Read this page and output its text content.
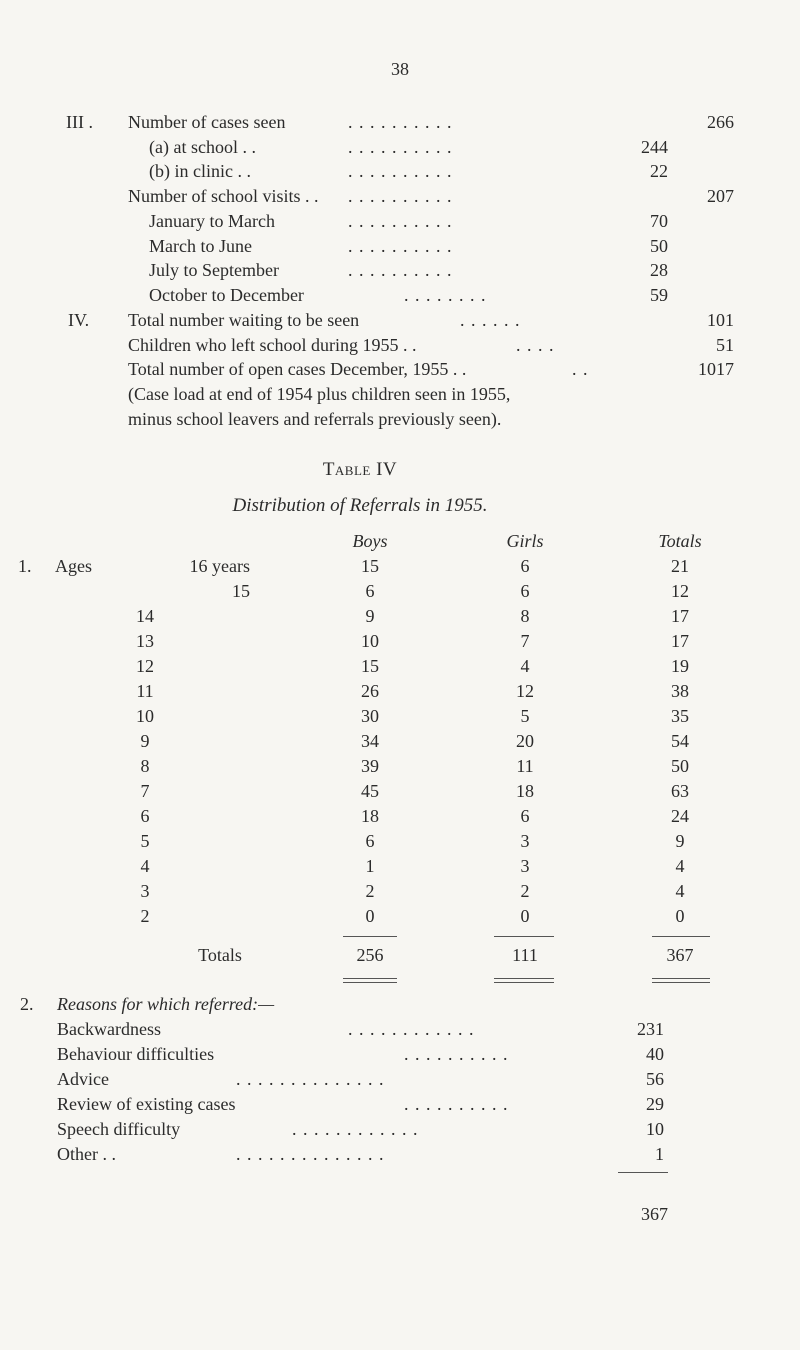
38
III . Number of cases seen	. . . . . . . . . .	266
(a) at school . .	. . . . . . . . . .	244
(b) in clinic . .	. . . . . . . . . .	22
Number of school visits . . . . . . . . . . . .	207
January to March	. . . . . . . . . .	70
March to June	. . . . . . . . . .	50
July to September	. . . . . . . . . .	28
October to December	. . . . . . . .	59
IV. Total number waiting to be seen	. . . . . .	101
Children who left school during 1955 . .	. . . .	51
Total number of open cases December, 1955 . .	. .	1017
(Case load at end of 1954 plus children seen in 1955,
minus school leavers and referrals previously seen).
Table IV
Distribution of Referrals in 1955.
Boys	Girls	Totals
1. Ages	16 years	15	6	21
15	6	6	12
14	9	8	17
13	10	7	17
12	15	4	19
11	26	12	38
10	30	5	35
9	34	20	54
8	39	11	50
7	45	18	63
6	18	6	24
5	6	3	9
4	1	3	4
3	2	2	4
2	0	0	0
Totals	256	111	367
2. Reasons for which referred:—
Backwardness	. . . . . . . . . . . .	231
Behaviour difficulties	. . . . . . . . . .	40
Advice	. . . . . . . . . . . . . .	56
Review of existing cases	. . . . . . . . . .	29
Speech difficulty	. . . . . . . . . . . .	10
Other . .	. . . . . . . . . . . . . .	1
367
